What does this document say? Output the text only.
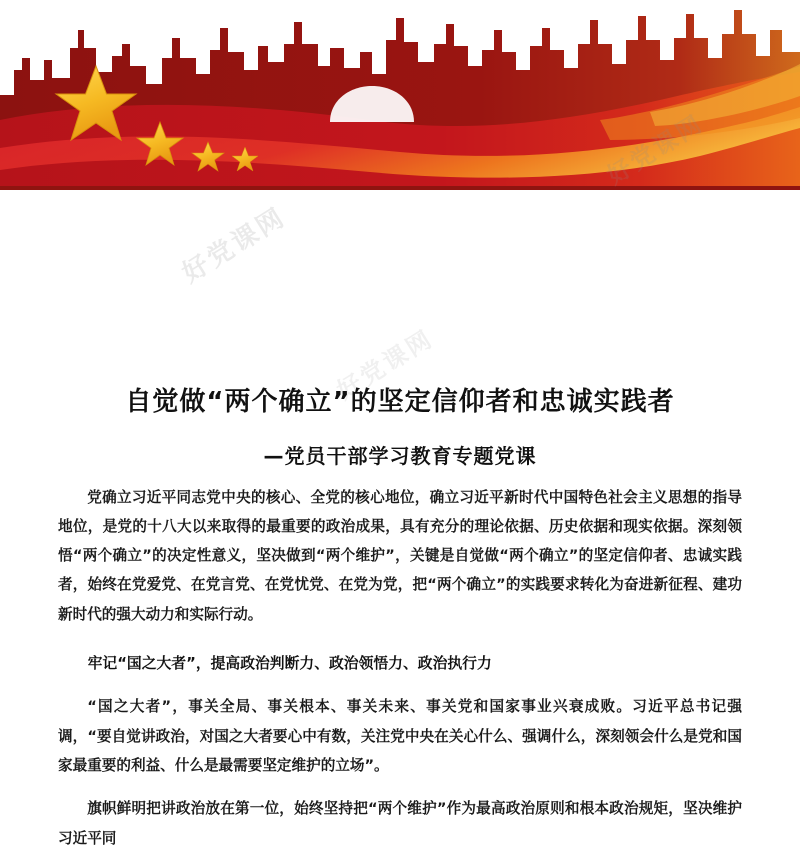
好党课网
好党课网
自觉做“两个确立”的坚定信仰者和忠诚实践者
—党员干部学习教育专题党课

党确立习近平同志党中央的核心、全党的核心地位，确立习近平新时代中国特色社会主义思想的指导地位，是党的十八大以来取得的最重要的政治成果，具有充分的理论依据、历史依据和现实依据。深刻领悟“两个确立”的决定性意义，坚决做到“两个维护”，关键是自觉做“两个确立”的坚定信仰者、忠诚实践者，始终在党爱党、在党言党、在党忧党、在党为党，把“两个确立”的实践要求转化为奋进新征程、建功新时代的强大动力和实际行动。

牢记“国之大者”，提高政治判断力、政治领悟力、政治执行力

“国之大者”，事关全局、事关根本、事关未来、事关党和国家事业兴衰成败。习近平总书记强调，“要自觉讲政治，对国之大者要心中有数，关注党中央在关心什么、强调什么，深刻领会什么是党和国家最重要的利益、什么是最需要坚定维护的立场”。

旗帜鲜明把讲政治放在第一位，始终坚持把“两个维护”作为最高政治原则和根本政治规矩，坚决维护习近平同
